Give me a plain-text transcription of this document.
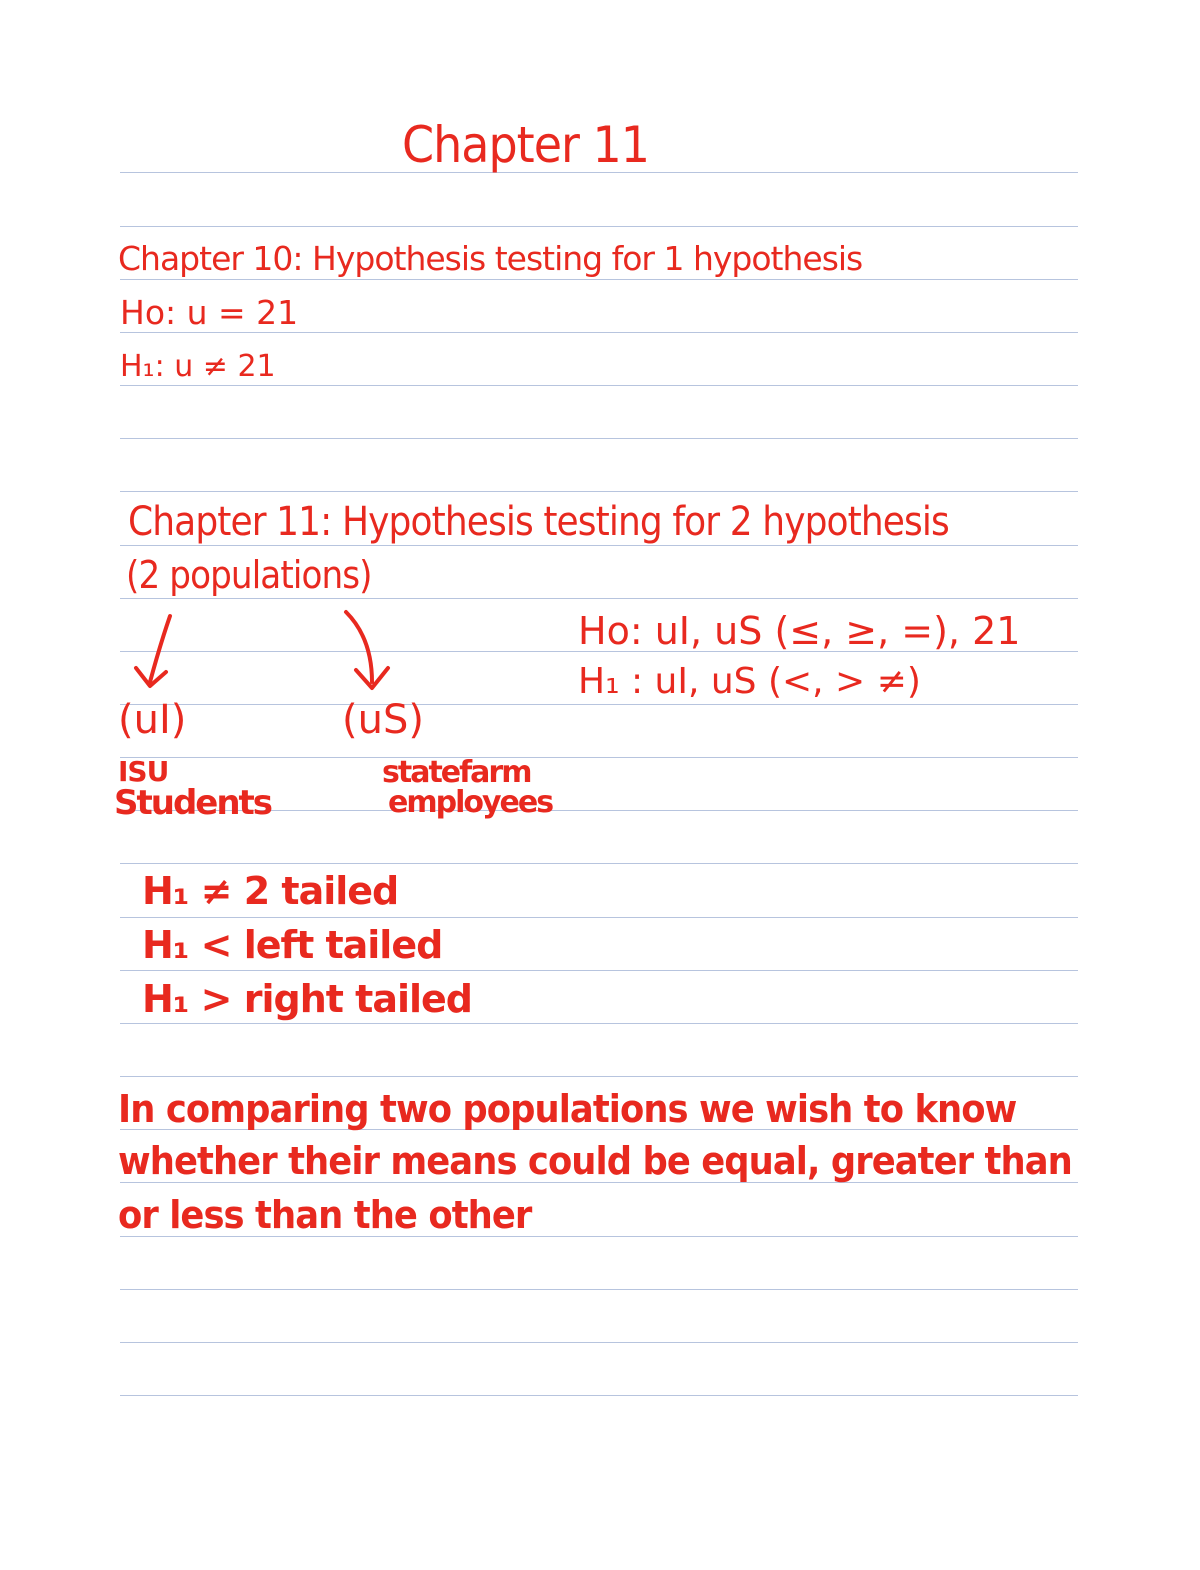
Chapter 11
Chapter 10: Hypothesis testing for 1 hypothesis
Ho: u = 21
H₁: u ≠ 21
Chapter 11: Hypothesis testing for 2 hypothesis
(2 populations)
Ho: uI, uS (≤, ≥, =), 21
H₁ : uI, uS (<, > ≠)
(uI)
ISU
Students
(uS)
statefarm
employees
H₁ ≠ 2 tailed
H₁ < left tailed
H₁ > right tailed
In comparing two populations we wish to know
whether their means could be equal, greater than
or less than the other
